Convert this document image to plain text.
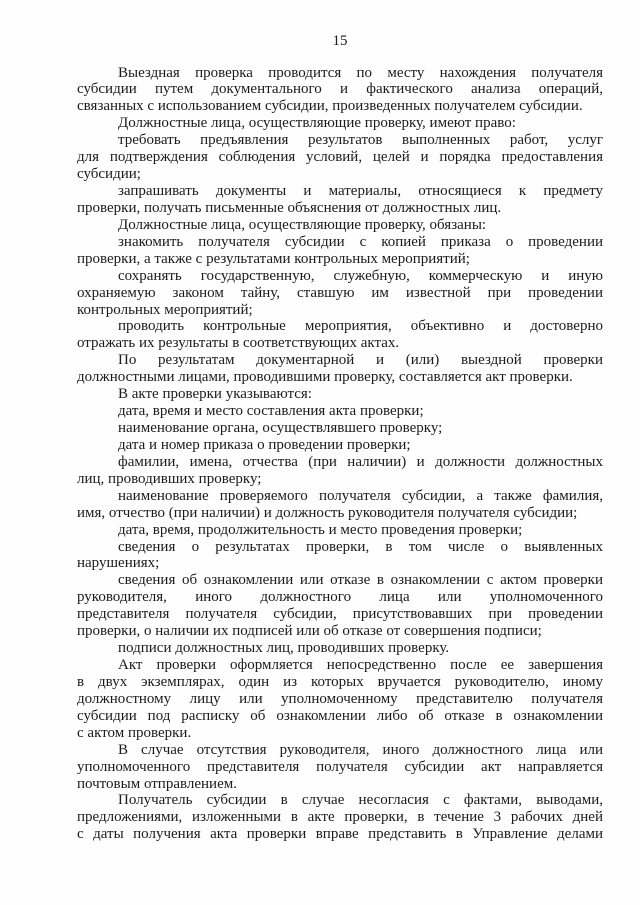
15
Выездная проверка проводится по месту нахождения получателя
субсидии путем документального и фактического анализа операций,
связанных с использованием субсидии, произведенных получателем субсидии.
Должностные лица, осуществляющие проверку, имеют право:
требовать предъявления результатов выполненных работ, услуг
для подтверждения соблюдения условий, целей и порядка предоставления
субсидии;
запрашивать документы и материалы, относящиеся к предмету
проверки, получать письменные объяснения от должностных лиц.
Должностные лица, осуществляющие проверку, обязаны:
знакомить получателя субсидии с копией приказа о проведении
проверки, а также с результатами контрольных мероприятий;
сохранять государственную, служебную, коммерческую и иную
охраняемую законом тайну, ставшую им известной при проведении
контрольных мероприятий;
проводить контрольные мероприятия, объективно и достоверно
отражать их результаты в соответствующих актах.
По результатам документарной и (или) выездной проверки
должностными лицами, проводившими проверку, составляется акт проверки.
В акте проверки указываются:
дата, время и место составления акта проверки;
наименование органа, осуществлявшего проверку;
дата и номер приказа о проведении проверки;
фамилии, имена, отчества (при наличии) и должности должностных
лиц, проводивших проверку;
наименование проверяемого получателя субсидии, а также фамилия,
имя, отчество (при наличии) и должность руководителя получателя субсидии;
дата, время, продолжительность и место проведения проверки;
сведения о результатах проверки, в том числе о выявленных
нарушениях;
сведения об ознакомлении или отказе в ознакомлении с актом проверки
руководителя, иного должностного лица или уполномоченного
представителя получателя субсидии, присутствовавших при проведении
проверки, о наличии их подписей или об отказе от совершения подписи;
подписи должностных лиц, проводивших проверку.
Акт проверки оформляется непосредственно после ее завершения
в двух экземплярах, один из которых вручается руководителю, иному
должностному лицу или уполномоченному представителю получателя
субсидии под расписку об ознакомлении либо об отказе в ознакомлении
с актом проверки.
В случае отсутствия руководителя, иного должностного лица или
уполномоченного представителя получателя субсидии акт направляется
почтовым отправлением.
Получатель субсидии в случае несогласия с фактами, выводами,
предложениями, изложенными в акте проверки, в течение 3 рабочих дней
с даты получения акта проверки вправе представить в Управление делами
